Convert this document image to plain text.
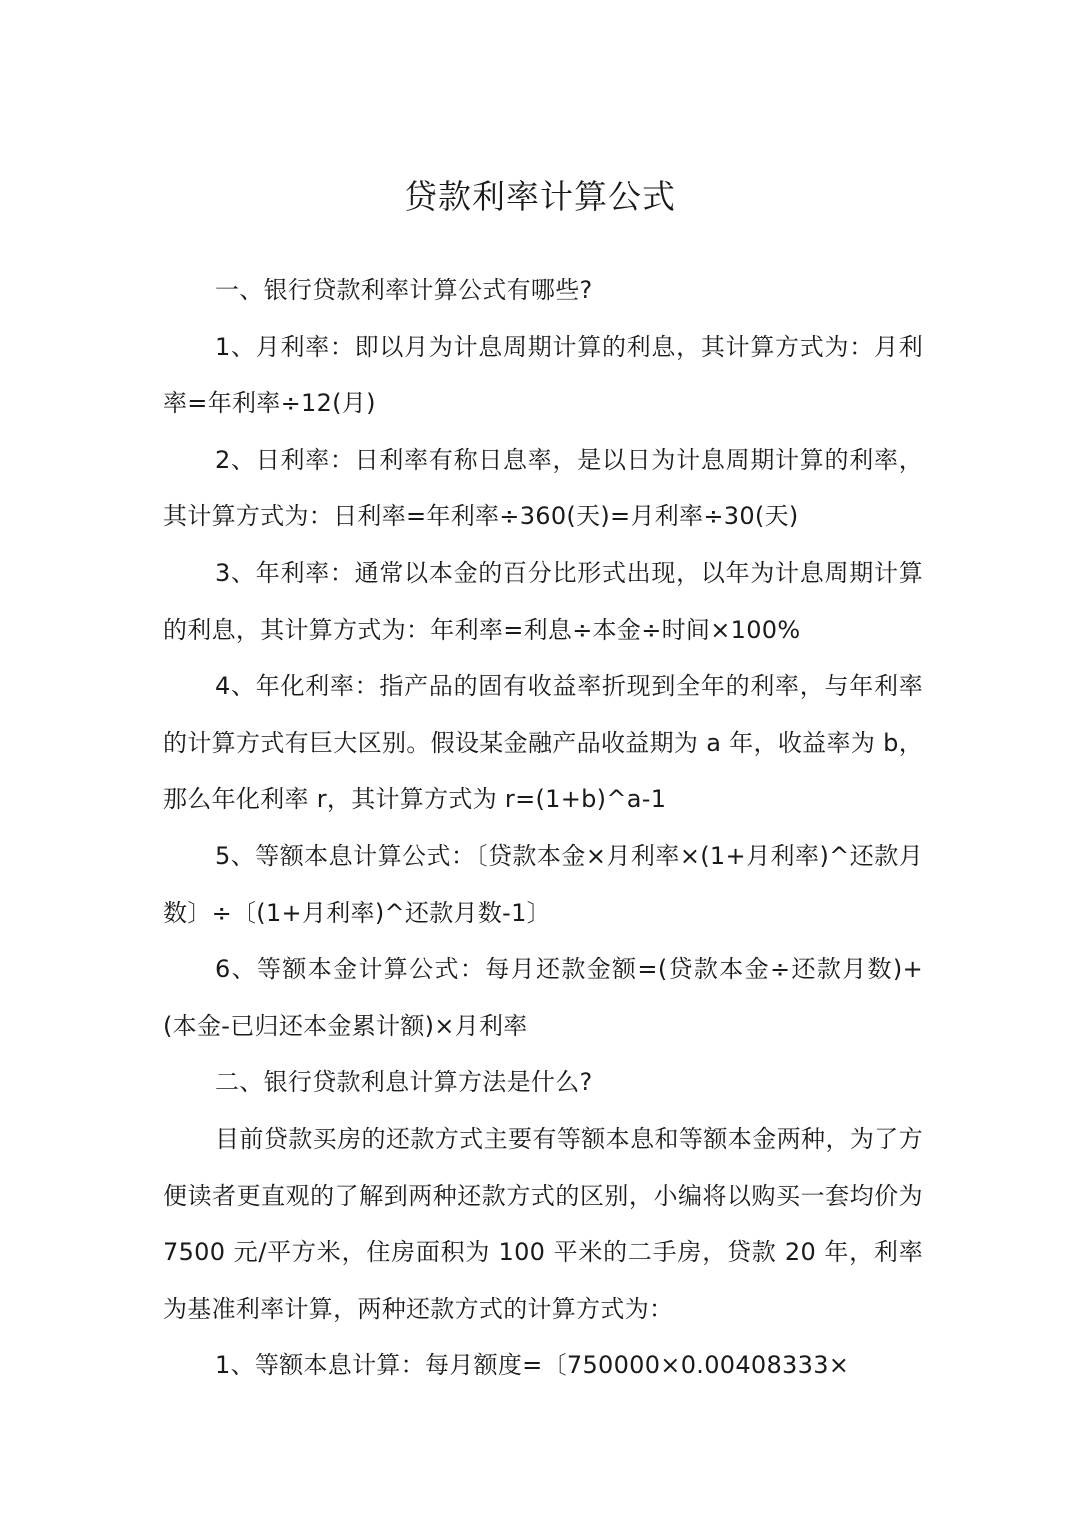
贷款利率计算公式

一、银行贷款利率计算公式有哪些?

1、月利率：即以月为计息周期计算的利息，其计算方式为：月利率=年利率÷12(月)

2、日利率：日利率有称日息率，是以日为计息周期计算的利率，其计算方式为：日利率=年利率÷360(天)=月利率÷30(天)

3、年利率：通常以本金的百分比形式出现，以年为计息周期计算的利息，其计算方式为：年利率=利息÷本金÷时间×100%

4、年化利率：指产品的固有收益率折现到全年的利率，与年利率的计算方式有巨大区别。假设某金融产品收益期为 a 年，收益率为 b，那么年化利率 r，其计算方式为 r=(1+b)^a-1

5、等额本息计算公式：〔贷款本金×月利率×(1+月利率)^还款月数〕÷〔(1+月利率)^还款月数-1〕

6、等额本金计算公式：每月还款金额=(贷款本金÷还款月数)+(本金-已归还本金累计额)×月利率

二、银行贷款利息计算方法是什么?

目前贷款买房的还款方式主要有等额本息和等额本金两种，为了方便读者更直观的了解到两种还款方式的区别，小编将以购买一套均价为 7500 元/平方米，住房面积为 100 平米的二手房，贷款 20 年，利率为基准利率计算，两种还款方式的计算方式为：

1、等额本息计算：每月额度=〔750000×0.00408333×
